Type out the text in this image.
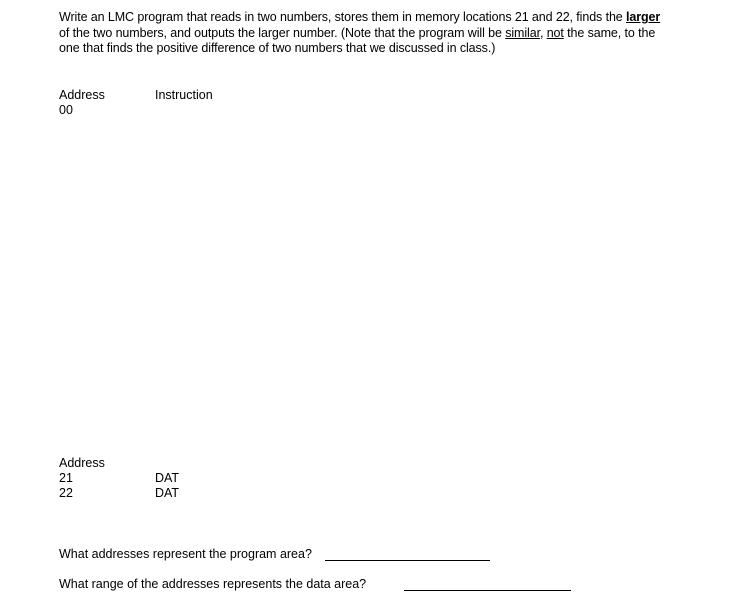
Write an LMC program that reads in two numbers, stores them in memory locations 21 and 22, finds the larger of the two numbers, and outputs the larger number. (Note that the program will be similar, not the same, to the one that finds the positive difference of two numbers that we discussed in class.)
Address	Instruction
00
Address
21	DAT
22	DAT
What addresses represent the program area?
What range of the addresses represents the data area?
